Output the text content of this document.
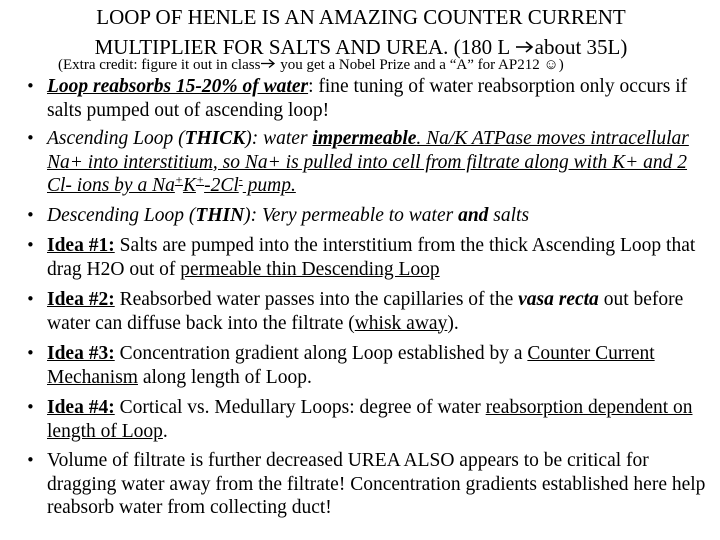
LOOP OF HENLE IS AN AMAZING COUNTER CURRENT
MULTIPLIER FOR SALTS AND UREA. (180 L about 35L)
(Extra credit: figure it out in class you get a Nobel Prize and a “A” for AP212 ☺)
• Loop reabsorbs 15-20% of water: fine tuning of water reabsorption only occurs if salts pumped out of ascending loop!
• Ascending Loop (THICK): water impermeable. Na/K ATPase moves intracellular Na+ into interstitium, so Na+ is pulled into cell from filtrate along with K+ and 2 Cl- ions by a Na+K+-2Cl- pump.
• Descending Loop (THIN): Very permeable to water and salts
• Idea #1: Salts are pumped into the interstitium from the thick Ascending Loop that drag H2O out of permeable thin Descending Loop
• Idea #2: Reabsorbed water passes into the capillaries of the vasa recta out before water can diffuse back into the filtrate (whisk away).
• Idea #3: Concentration gradient along Loop established by a Counter Current Mechanism along length of Loop.
• Idea #4: Cortical vs. Medullary Loops: degree of water reabsorption dependent on length of Loop.
• Volume of filtrate is further decreased UREA ALSO appears to be critical for dragging water away from the filtrate! Concentration gradients established here help reabsorb water from collecting duct!
